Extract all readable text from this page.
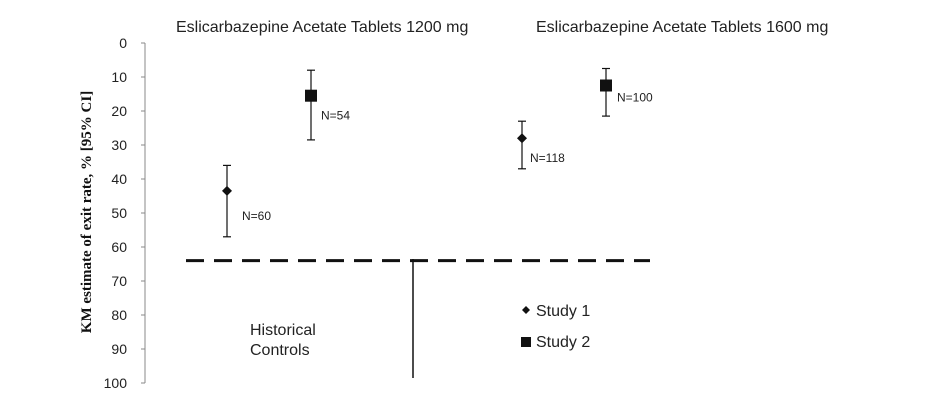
Eslicarbazepine Acetate Tablets 1200 mg	Eslicarbazepine Acetate Tablets 1600 mg
KM estimate of exit rate, % [95% CI]
0
10
20
30
40
50
60
70
80
90
100
N=60
N=54
N=118
N=100
Historical
Controls
Study 1
Study 2
